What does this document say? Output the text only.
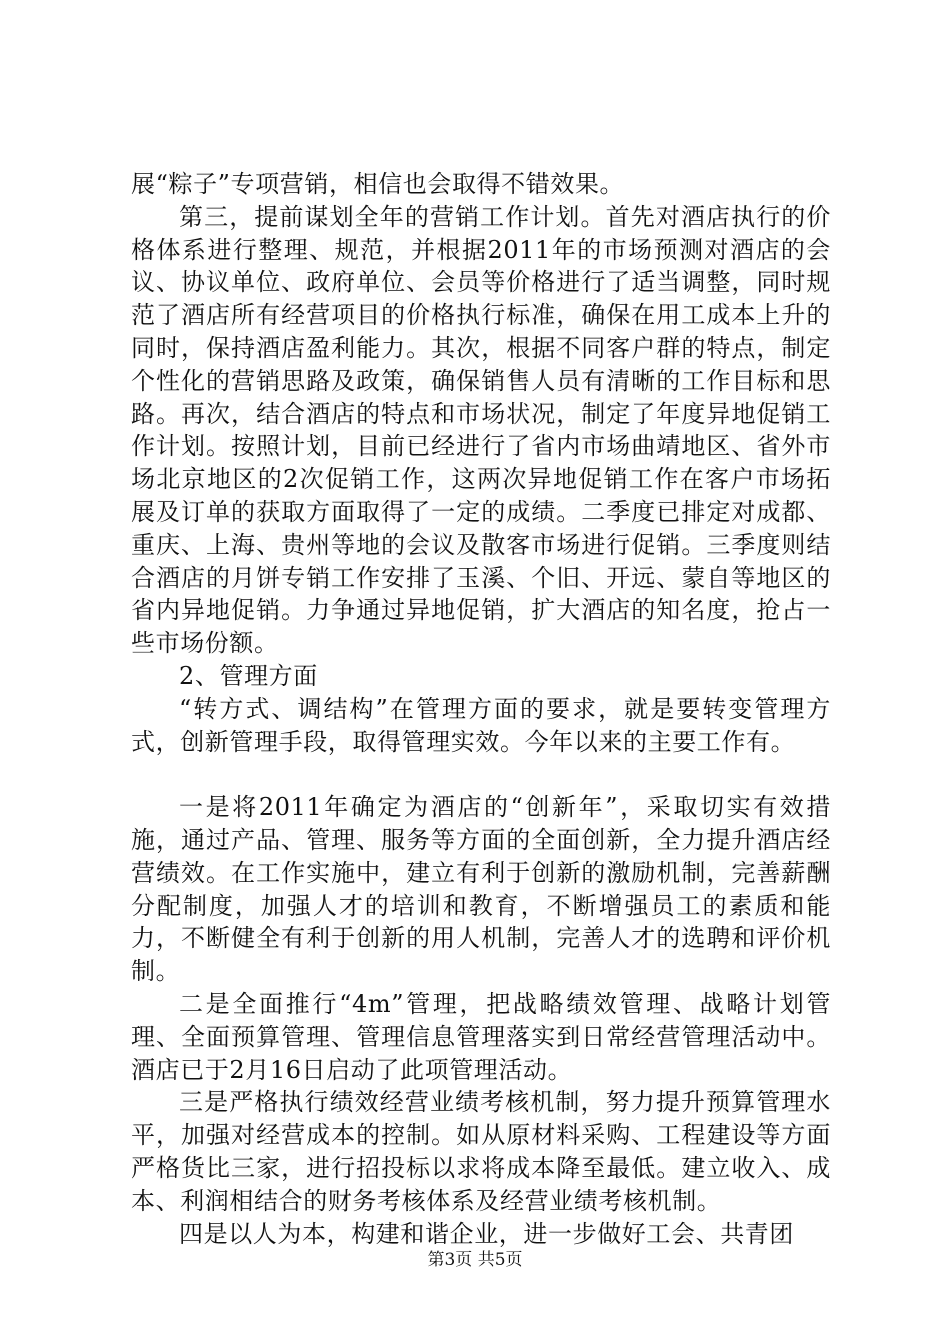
展“粽子”专项营销，相信也会取得不错效果。

第三，提前谋划全年的营销工作计划。首先对酒店执行的价格体系进行整理、规范，并根据2011年的市场预测对酒店的会议、协议单位、政府单位、会员等价格进行了适当调整，同时规范了酒店所有经营项目的价格执行标准，确保在用工成本上升的同时，保持酒店盈利能力。其次，根据不同客户群的特点，制定个性化的营销思路及政策，确保销售人员有清晰的工作目标和思路。再次，结合酒店的特点和市场状况，制定了年度异地促销工作计划。按照计划，目前已经进行了省内市场曲靖地区、省外市场北京地区的2次促销工作，这两次异地促销工作在客户市场拓展及订单的获取方面取得了一定的成绩。二季度已排定对成都、重庆、上海、贵州等地的会议及散客市场进行促销。三季度则结合酒店的月饼专销工作安排了玉溪、个旧、开远、蒙自等地区的省内异地促销。力争通过异地促销，扩大酒店的知名度，抢占一些市场份额。

2、管理方面

“转方式、调结构”在管理方面的要求，就是要转变管理方式，创新管理手段，取得管理实效。今年以来的主要工作有。

一是将2011年确定为酒店的“创新年”，采取切实有效措施，通过产品、管理、服务等方面的全面创新，全力提升酒店经营绩效。在工作实施中，建立有利于创新的激励机制，完善薪酬分配制度，加强人才的培训和教育，不断增强员工的素质和能力，不断健全有利于创新的用人机制，完善人才的选聘和评价机制。

二是全面推行“4m”管理，把战略绩效管理、战略计划管理、全面预算管理、管理信息管理落实到日常经营管理活动中。酒店已于2月16日启动了此项管理活动。

三是严格执行绩效经营业绩考核机制，努力提升预算管理水平，加强对经营成本的控制。如从原材料采购、工程建设等方面严格货比三家，进行招投标以求将成本降至最低。建立收入、成本、利润相结合的财务考核体系及经营业绩考核机制。

四是以人为本，构建和谐企业，进一步做好工会、共青团

第3页 共5页
